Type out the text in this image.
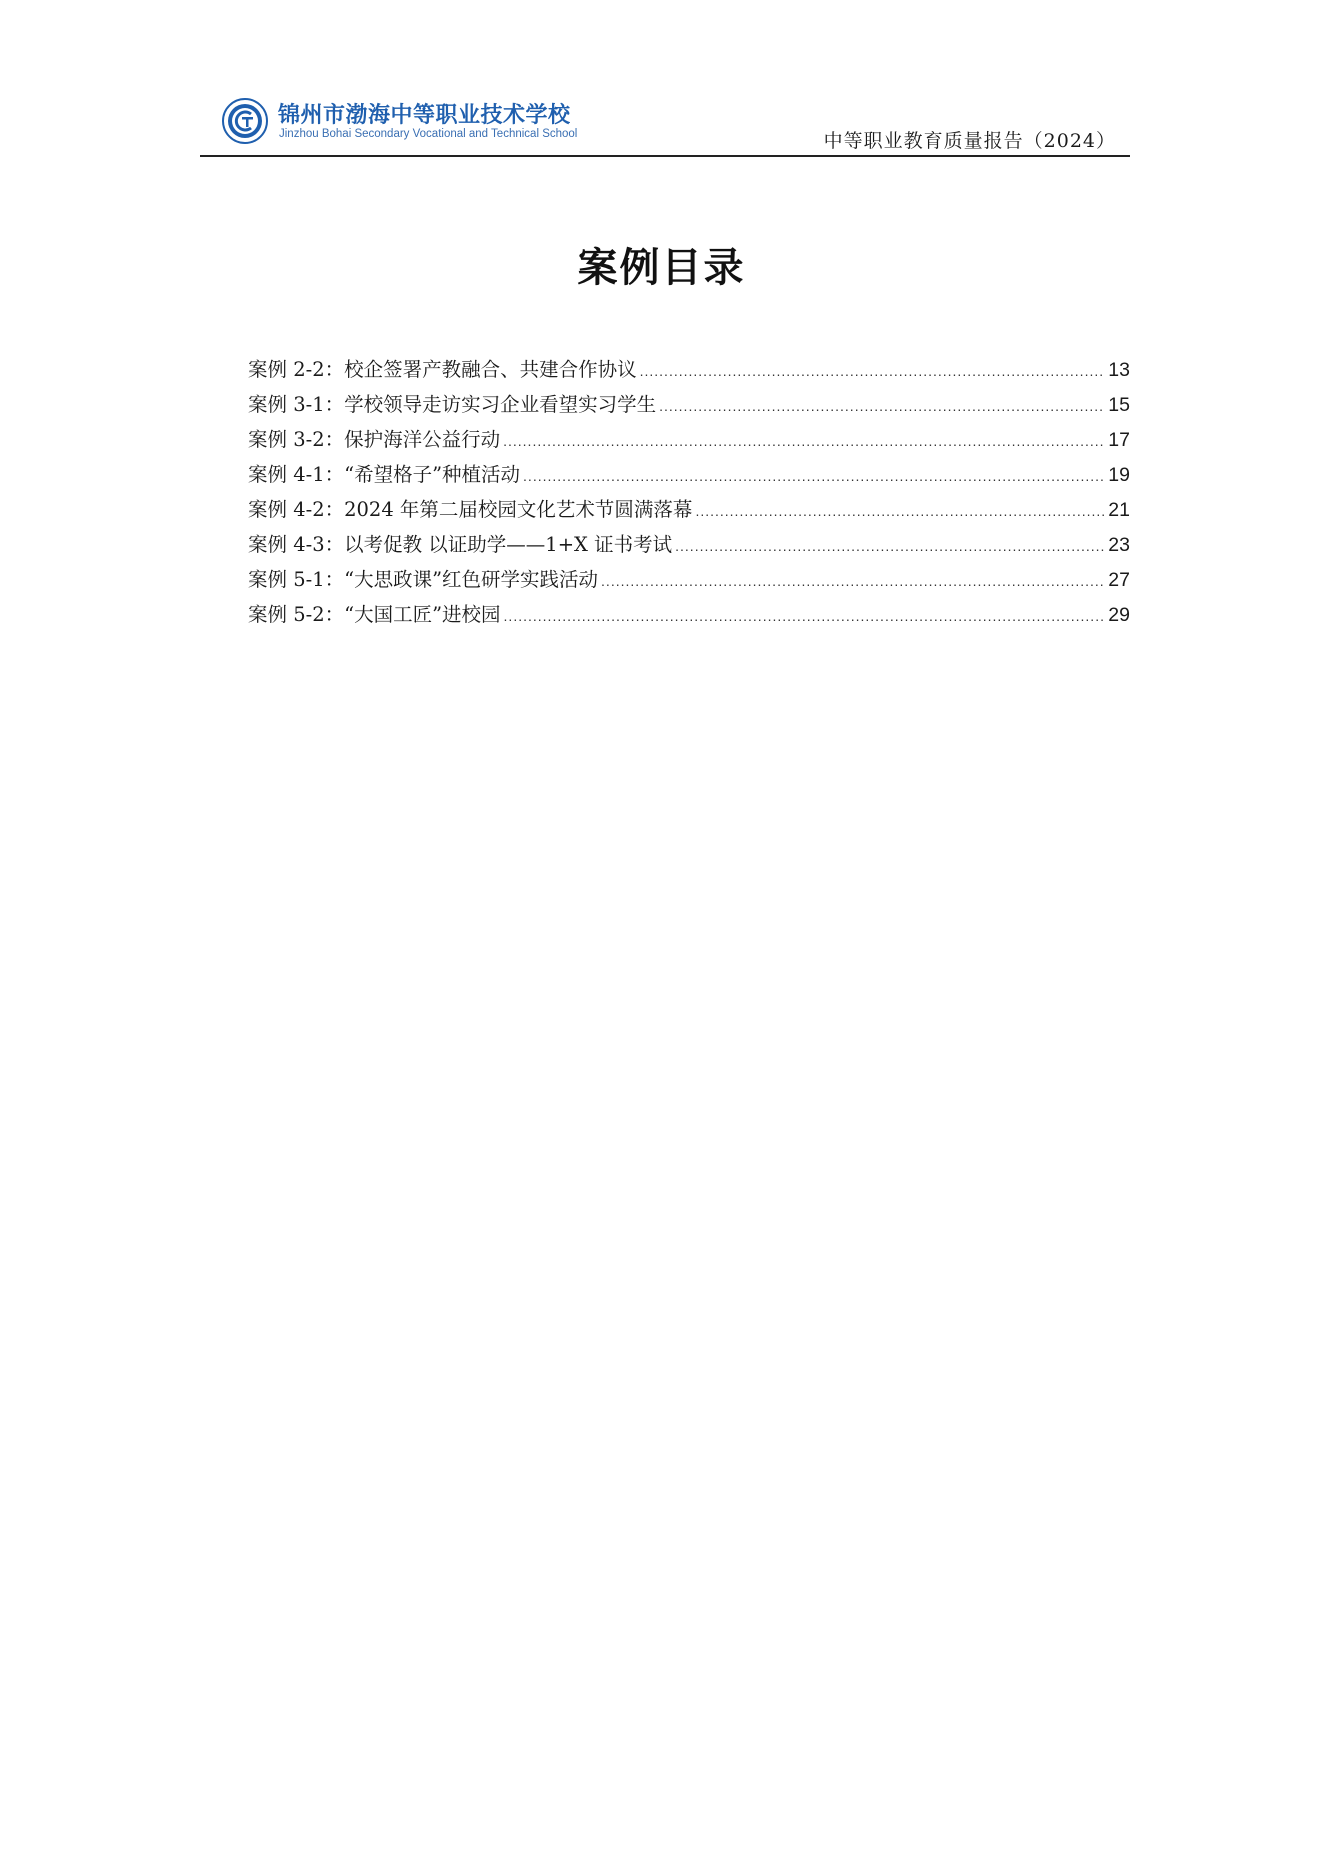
锦州市渤海中等职业技术学校
Jinzhou Bohai Secondary Vocational and Technical School	中等职业教育质量报告（2024）
案例目录
案例 2-2：校企签署产教融合、共建合作协议 .....	13
案例 3-1：学校领导走访实习企业看望实习学生 .....	15
案例 3-2：保护海洋公益行动 .....	17
案例 4-1：“希望格子”种植活动 .....	19
案例 4-2：2024 年第二届校园文化艺术节圆满落幕 .....	21
案例 4-3：以考促教 以证助学——1+X 证书考试 .....	23
案例 5-1：“大思政课”红色研学实践活动 .....	27
案例 5-2：“大国工匠”进校园 .....	29
